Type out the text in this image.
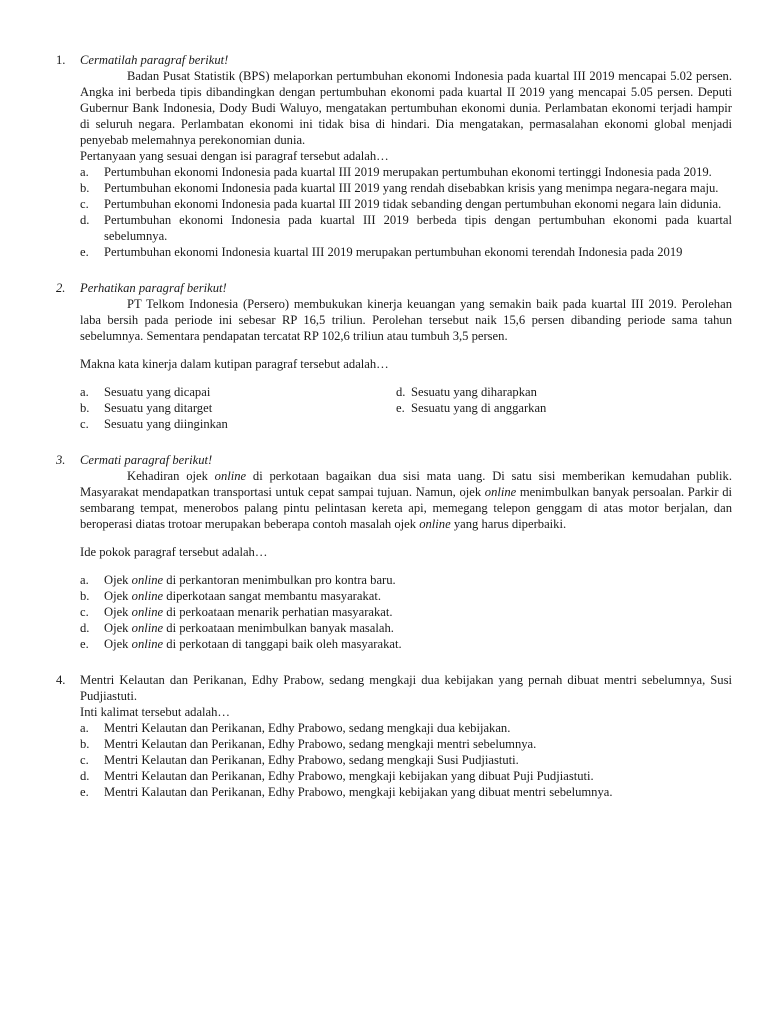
1. Cermatilah paragraf berikut!
Badan Pusat Statistik (BPS) melaporkan pertumbuhan ekonomi Indonesia pada kuartal III 2019 mencapai 5.02 persen. Angka ini berbeda tipis dibandingkan dengan pertumbuhan ekonomi pada kuartal II 2019 yang mencapai 5.05 persen. Deputi Gubernur Bank Indonesia, Dody Budi Waluyo, mengatakan pertumbuhan ekonomi dunia. Perlambatan ekonomi terjadi hampir di seluruh negara. Perlambatan ekonomi ini tidak bisa di hindari. Dia mengatakan, permasalahan ekonomi global menjadi penyebab melemahnya perekonomian dunia.
Pertanyaan yang sesuai dengan isi paragraf tersebut adalah…
a. Pertumbuhan ekonomi Indonesia pada kuartal III 2019 merupakan pertumbuhan ekonomi tertinggi Indonesia pada 2019.
b. Pertumbuhan ekonomi Indonesia pada kuartal III 2019 yang rendah disebabkan krisis yang menimpa negara-negara maju.
c. Pertumbuhan ekonomi Indonesia pada kuartal III 2019 tidak sebanding dengan pertumbuhan ekonomi negara lain didunia.
d. Pertumbuhan ekonomi Indonesia pada kuartal III 2019 berbeda tipis dengan pertumbuhan ekonomi pada kuartal sebelumnya.
e. Pertumbuhan ekonomi Indonesia kuartal III 2019 merupakan pertumbuhan ekonomi terendah Indonesia pada 2019
2. Perhatikan paragraf berikut!
PT Telkom Indonesia (Persero) membukukan kinerja keuangan yang semakin baik pada kuartal III 2019. Perolehan laba bersih pada periode ini sebesar RP 16,5 triliun. Perolehan tersebut naik 15,6 persen dibanding periode sama tahun sebelumnya. Sementara pendapatan tercatat RP 102,6 triliun atau tumbuh 3,5 persen.
Makna kata kinerja dalam kutipan paragraf tersebut adalah…
a. Sesuatu yang dicapai
b. Sesuatu yang ditarget
c. Sesuatu yang diinginkan
d. Sesuatu yang diharapkan
e. Sesuatu yang di anggarkan
3. Cermati paragraf berikut!
Kehadiran ojek online di perkotaan bagaikan dua sisi mata uang. Di satu sisi memberikan kemudahan publik. Masyarakat mendapatkan transportasi untuk cepat sampai tujuan. Namun, ojek online menimbulkan banyak persoalan. Parkir di sembarang tempat, menerobos palang pintu pelintasan kereta api, memegang telepon genggam di atas motor berjalan, dan beroperasi diatas trotoar merupakan beberapa contoh masalah ojek online yang harus diperbaiki.
Ide pokok paragraf tersebut adalah…
a. Ojek online di perkantoran menimbulkan pro kontra baru.
b. Ojek online diperkotaan sangat membantu masyarakat.
c. Ojek online di perkoataan menarik perhatian masyarakat.
d. Ojek online di perkoataan menimbulkan banyak masalah.
e. Ojek online di perkotaan di tanggapi baik oleh masyarakat.
4. Mentri Kelautan dan Perikanan, Edhy Prabow, sedang mengkaji dua kebijakan yang pernah dibuat mentri sebelumnya, Susi Pudjiastuti.
Inti kalimat tersebut adalah…
a. Mentri Kelautan dan Perikanan, Edhy Prabowo, sedang mengkaji dua kebijakan.
b. Mentri Kelautan dan Perikanan, Edhy Prabowo, sedang mengkaji mentri sebelumnya.
c. Mentri Kelautan dan Perikanan, Edhy Prabowo, sedang mengkaji Susi Pudjiastuti.
d. Mentri Kelautan dan Perikanan, Edhy Prabowo, mengkaji kebijakan yang dibuat Puji Pudjiastuti.
e. Mentri Kalautan dan Perikanan, Edhy Prabowo, mengkaji kebijakan yang dibuat mentri sebelumnya.
